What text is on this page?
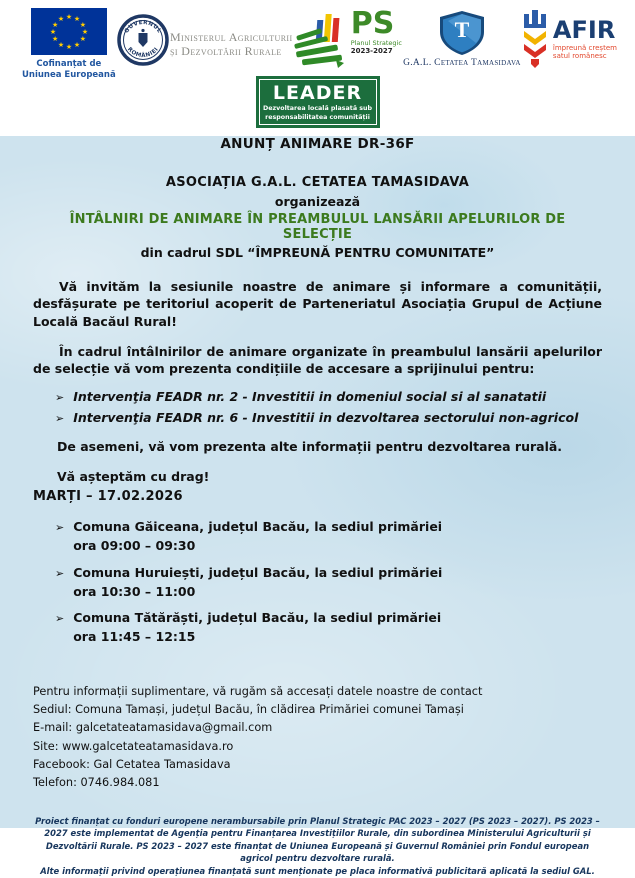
★ ★
★
★
★
★
★
★
★
★
★
★
Cofinanțat de
Uniunea Europeană
GUVERNUL
ROMÂNIEI
Ministerul Agriculturii
și Dezvoltării Rurale
PS
Planul Strategic
2023-2027
T
G.A.L. Cetatea Tamasidava
AFIR
împreună creștem
satul românesc
LEADER
Dezvoltarea locală plasată sub
responsabilitatea comunității
ANUNȚ ANIMARE DR-36F
ASOCIAȚIA G.A.L. CETATEA TAMASIDAVA
organizează
ÎNTÂLNIRI DE ANIMARE ÎN PREAMBULUL LANSĂRII APELURILOR DE SELECȚIE
din cadrul SDL “ÎMPREUNĂ PENTRU COMUNITATE”

Vă invităm la sesiunile noastre de animare și informare a comunității, desfășurate pe teritoriul acoperit de Parteneriatul Asociația Grupul de Acțiune Locală Bacăul Rural!

În cadrul întâlnirilor de animare organizate în preambulul lansării apelurilor de selecție vă vom prezenta condițiile de accesare a sprijinului pentru:

➢ Intervenţia FEADR nr. 2 - Investitii in domeniul social si al sanatatii
➢ Intervenţia FEADR nr. 6 - Investitii in dezvoltarea sectorului non-agricol

De asemeni, vă vom prezenta alte informații pentru dezvoltarea rurală.

Vă așteptăm cu drag!

MARȚI – 17.02.2026
➢ Comuna Găiceana, județul Bacău, la sediul primăriei
ora 09:00 – 09:30
➢ Comuna Huruiești, județul Bacău, la sediul primăriei
ora 10:30 – 11:00
➢ Comuna Tătărăști, județul Bacău, la sediul primăriei
ora 11:45 – 12:15
Pentru informații suplimentare, vă rugăm să accesați datele noastre de contact
Sediul: Comuna Tamași, județul Bacău, în clădirea Primăriei comunei Tamași
E-mail: galcetateatamasidava@gmail.com
Site: www.galcetateatamasidava.ro
Facebook: Gal Cetatea Tamasidava
Telefon: 0746.984.081
Proiect finanțat cu fonduri europene nerambursabile prin Planul Strategic PAC 2023 – 2027 (PS 2023 – 2027). PS 2023 – 2027 este implementat de Agenția pentru Finanțarea Investițiilor Rurale, din subordinea Ministerului Agriculturii și Dezvoltării Rurale. PS 2023 – 2027 este finanțat de Uniunea Europeană și Guvernul României prin Fondul european agricol pentru dezvoltare rurală.
Alte informații privind operațiunea finanțată sunt menționate pe placa informativă publicitară aplicată la sediul GAL.
